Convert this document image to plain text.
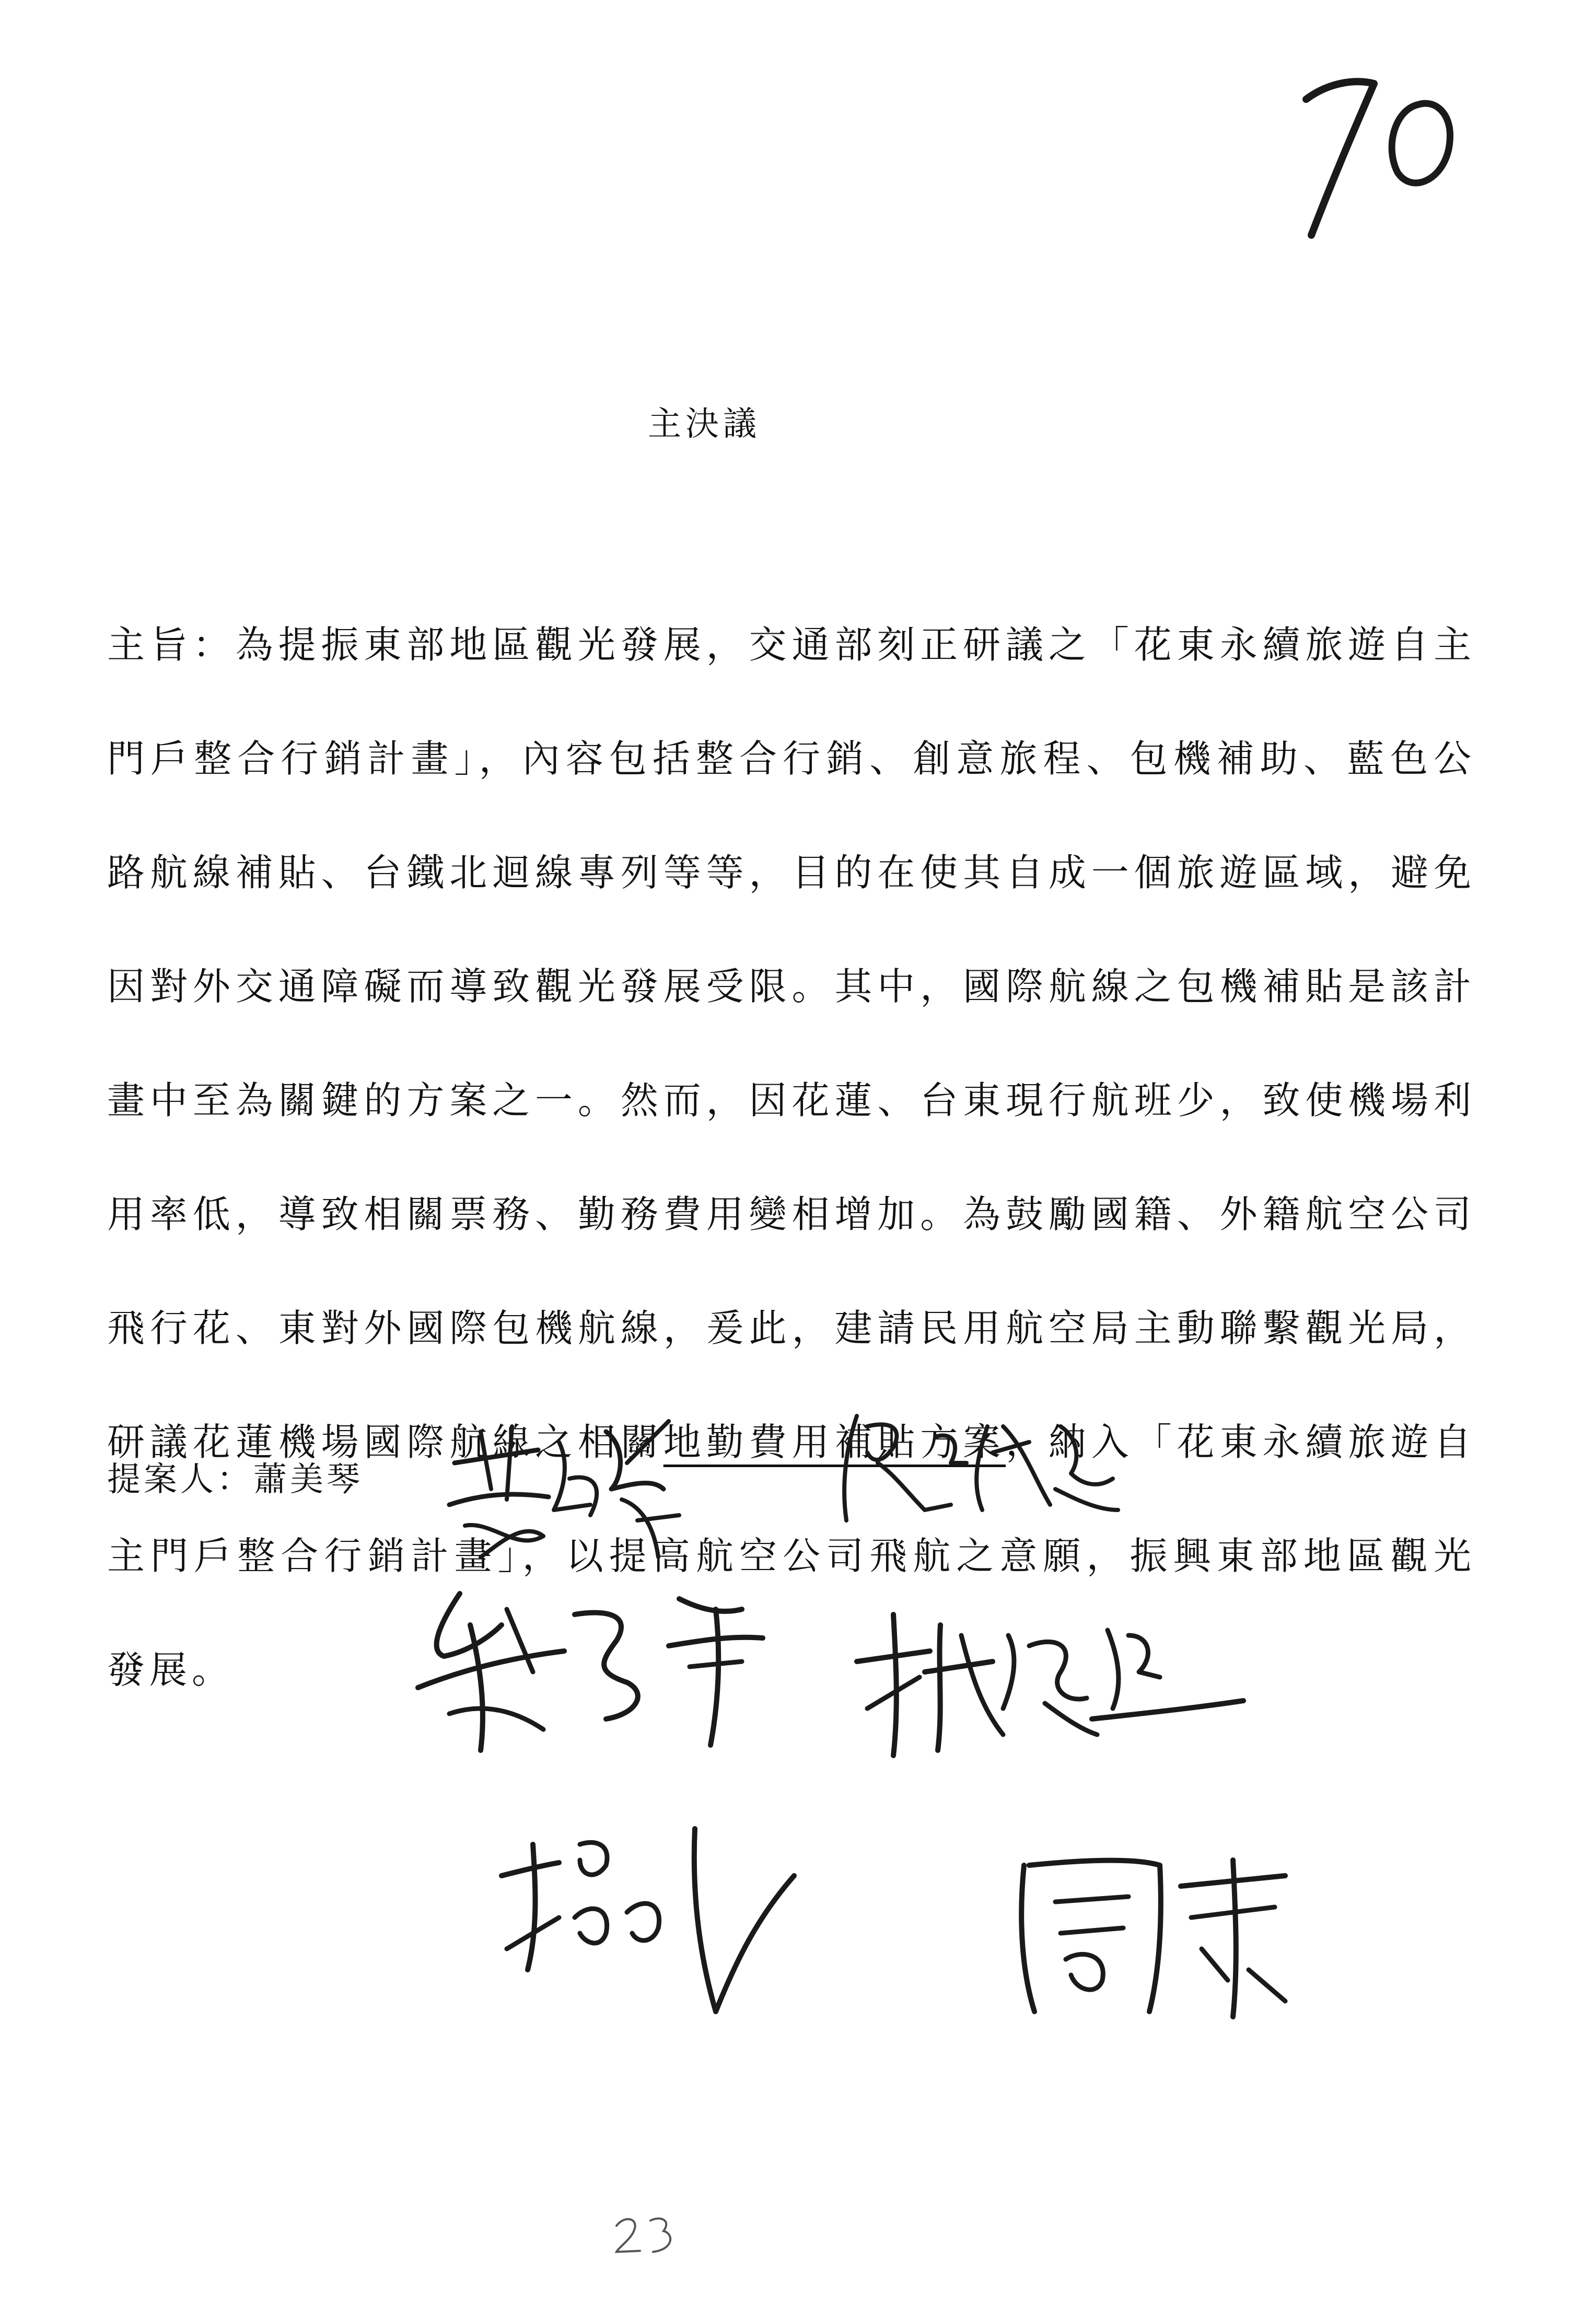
主決議

主旨：為提振東部地區觀光發展，交通部刻正研議之「花東永續旅遊自主門戶整合行銷計畫」，內容包括整合行銷、創意旅程、包機補助、藍色公路航線補貼、台鐵北迴線專列等等，目的在使其自成一個旅遊區域，避免因對外交通障礙而導致觀光發展受限。其中，國際航線之包機補貼是該計畫中至為關鍵的方案之一。然而，因花蓮、台東現行航班少，致使機場利用率低，導致相關票務、勤務費用變相增加。為鼓勵國籍、外籍航空公司飛行花、東對外國際包機航線，爰此，建請民用航空局主動聯繫觀光局，研議花蓮機場國際航線之相關地勤費用補貼方案，納入「花東永續旅遊自主門戶整合行銷計畫」，以提高航空公司飛航之意願，振興東部地區觀光發展。

提案人：蕭美琴
